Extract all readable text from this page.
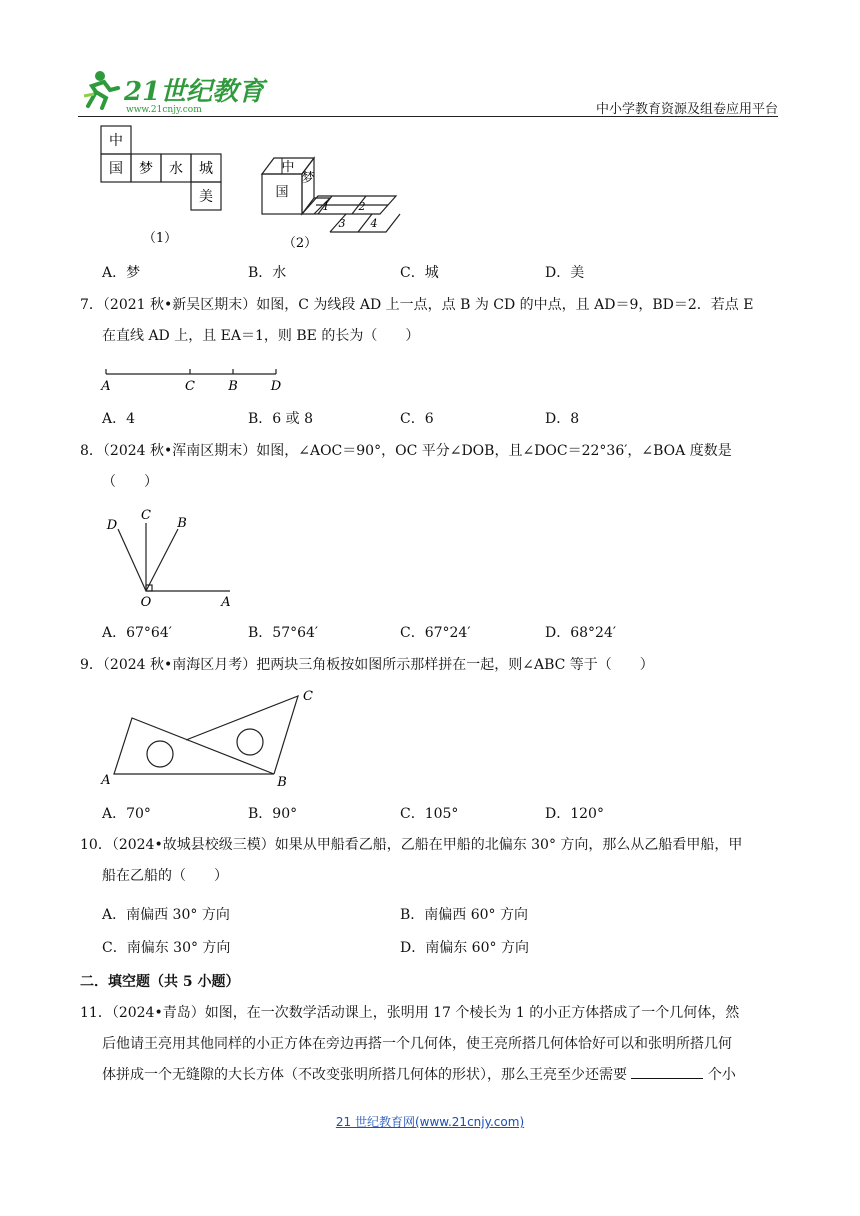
21世纪教育
www.21cnjy.com	中小学教育资源及组卷应用平台
中
国 梦 水 城
美
（1）
中
国
梦
1	2
3 4
（2）
A．梦	B．水	C．城	D．美
7．（2021 秋•新吴区期末）如图，C 为线段 AD 上一点，点 B 为 CD 的中点，且 AD＝9，BD＝2．若点 E
在直线 AD 上，且 EA＝1，则 BE 的长为（　　）
A	C	B	D
A．4	B．6 或 8	C．6	D．8
8．（2024 秋•浑南区期末）如图，∠AOC＝90°，OC 平分∠DOB，且∠DOC＝22°36′，∠BOA 度数是
（　　）
D
C
B
O	A
A．67°64′	B．57°64′	C．67°24′	D．68°24′
9．（2024 秋•南海区月考）把两块三角板按如图所示那样拼在一起，则∠ABC 等于（　　）
A	B
C
A．70°	B．90°	C．105°	D．120°
10．（2024•故城县校级三模）如果从甲船看乙船，乙船在甲船的北偏东 30° 方向，那么从乙船看甲船，甲
船在乙船的（　　）
A．南偏西 30° 方向	B．南偏西 60° 方向
C．南偏东 30° 方向	D．南偏东 60° 方向
二．填空题（共 5 小题）
11．（2024•青岛）如图，在一次数学活动课上，张明用 17 个棱长为 1 的小正方体搭成了一个几何体，然
后他请王亮用其他同样的小正方体在旁边再搭一个几何体，使王亮所搭几何体恰好可以和张明所搭几何
体拼成一个无缝隙的大长方体（不改变张明所搭几何体的形状），那么王亮至少还需要	个小
21 世纪教育网(www.21cnjy.com)
